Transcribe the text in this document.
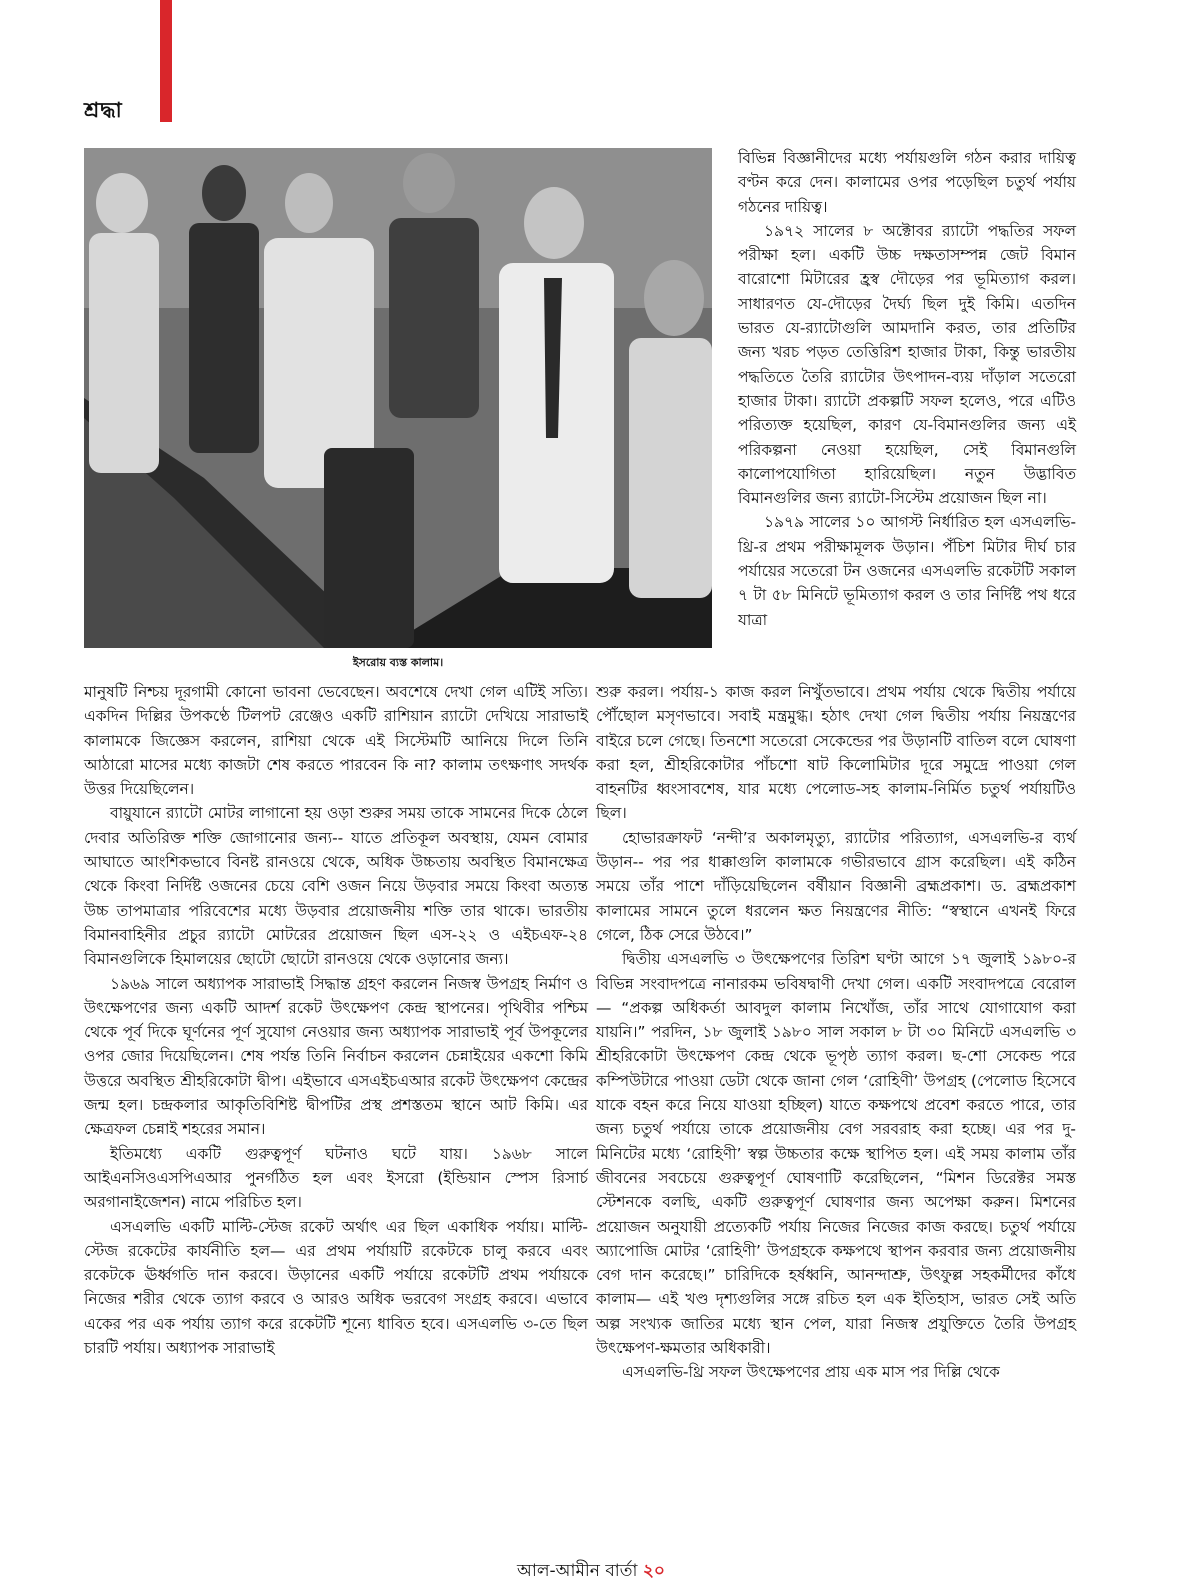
শ্রদ্ধা
ইসরোয় ব্যস্ত কালাম।

বিভিন্ন বিজ্ঞানীদের মধ্যে পর্যায়গুলি গঠন করার দায়িত্ব বণ্টন করে দেন। কালামের ওপর পড়েছিল চতুর্থ পর্যায় গঠনের দায়িত্ব।

১৯৭২ সালের ৮ অক্টোবর র‍্যাটো পদ্ধতির সফল পরীক্ষা হল। একটি উচ্চ দক্ষতাসম্পন্ন জেট বিমান বারোশো মিটারের হ্রস্ব দৌড়ের পর ভূমিত্যাগ করল। সাধারণত যে-দৌড়ের দৈর্ঘ্য ছিল দুই কিমি। এতদিন ভারত যে-র‍্যাটোগুলি আমদানি করত, তার প্রতিটির জন্য খরচ পড়ত তেত্তিরিশ হাজার টাকা, কিন্তু ভারতীয় পদ্ধতিতে তৈরি র‍্যাটোর উৎপাদন-ব্যয় দাঁড়াল সতেরো হাজার টাকা। র‍্যাটো প্রকল্পটি সফল হলেও, পরে এটিও পরিত্যক্ত হয়েছিল, কারণ যে-বিমানগুলির জন্য এই পরিকল্পনা নেওয়া হয়েছিল, সেই বিমানগুলি কালোপযোগিতা হারিয়েছিল। নতুন উদ্ভাবিত বিমানগুলির জন্য র‍্যাটো-সিস্টেম প্রয়োজন ছিল না।

১৯৭৯ সালের ১০ আগস্ট নির্ধারিত হল এসএলভি-থ্রি-র প্রথম পরীক্ষামূলক উড়ান। পঁচিশ মিটার দীর্ঘ চার পর্যায়ের সতেরো টন ওজনের এসএলভি রকেটটি সকাল ৭ টা ৫৮ মিনিটে ভূমিত্যাগ করল ও তার নির্দিষ্ট পথ ধরে যাত্রা

মানুষটি নিশ্চয় দূরগামী কোনো ভাবনা ভেবেছেন। অবশেষে দেখা গেল এটিই সত্যি। একদিন দিল্লির উপকণ্ঠে টিলপট রেঞ্জেও একটি রাশিয়ান র‍্যাটো দেখিয়ে সারাভাই কালামকে জিজ্ঞেস করলেন, রাশিয়া থেকে এই সিস্টেমটি আনিয়ে দিলে তিনি আঠারো মাসের মধ্যে কাজটা শেষ করতে পারবেন কি না? কালাম তৎক্ষণাৎ সদর্থক উত্তর দিয়েছিলেন।

বায়ুযানে র‍্যাটো মোটর লাগানো হয় ওড়া শুরুর সময় তাকে সামনের দিকে ঠেলে দেবার অতিরিক্ত শক্তি জোগানোর জন্য-- যাতে প্রতিকূল অবস্থায়, যেমন বোমার আঘাতে আংশিকভাবে বিনষ্ট রানওয়ে থেকে, অধিক উচ্চতায় অবস্থিত বিমানক্ষেত্র থেকে কিংবা নির্দিষ্ট ওজনের চেয়ে বেশি ওজন নিয়ে উড়বার সময়ে কিংবা অত্যন্ত উচ্চ তাপমাত্রার পরিবেশের মধ্যে উড়বার প্রয়োজনীয় শক্তি তার থাকে। ভারতীয় বিমানবাহিনীর প্রচুর র‍্যাটো মোটরের প্রয়োজন ছিল এস-২২ ও এইচএফ-২৪ বিমানগুলিকে হিমালয়ের ছোটো ছোটো রানওয়ে থেকে ওড়ানোর জন্য।

১৯৬৯ সালে অধ্যাপক সারাভাই সিদ্ধান্ত গ্রহণ করলেন নিজস্ব উপগ্রহ নির্মাণ ও উৎক্ষেপণের জন্য একটি আদর্শ রকেট উৎক্ষেপণ কেন্দ্র স্থাপনের। পৃথিবীর পশ্চিম থেকে পূর্ব দিকে ঘূর্ণনের পূর্ণ সুযোগ নেওয়ার জন্য অধ্যাপক সারাভাই পূর্ব উপকূলের ওপর জোর দিয়েছিলেন। শেষ পর্যন্ত তিনি নির্বাচন করলেন চেন্নাইয়ের একশো কিমি উত্তরে অবস্থিত শ্রীহরিকোটা দ্বীপ। এইভাবে এসএইচএআর রকেট উৎক্ষেপণ কেন্দ্রের জন্ম হল। চন্দ্রকলার আকৃতিবিশিষ্ট দ্বীপটির প্রস্থ প্রশস্ততম স্থানে আট কিমি। এর ক্ষেত্রফল চেন্নাই শহরের সমান।

ইতিমধ্যে একটি গুরুত্বপূর্ণ ঘটনাও ঘটে যায়। ১৯৬৮ সালে আইএনসিওএসপিএআর পুনর্গঠিত হল এবং ইসরো (ইন্ডিয়ান স্পেস রিসার্চ অরগানাইজেশন) নামে পরিচিত হল।

এসএলভি একটি মাল্টি-স্টেজ রকেট অর্থাৎ এর ছিল একাধিক পর্যায়। মাল্টি-স্টেজ রকেটের কার্যনীতি হল— এর প্রথম পর্যায়টি রকেটকে চালু করবে এবং রকেটকে ঊর্ধ্বগতি দান করবে। উড়ানের একটি পর্যায়ে রকেটটি প্রথম পর্যায়কে নিজের শরীর থেকে ত্যাগ করবে ও আরও অধিক ভরবেগ সংগ্রহ করবে। এভাবে একের পর এক পর্যায় ত্যাগ করে রকেটটি শূন্যে ধাবিত হবে। এসএলভি ৩-তে ছিল চারটি পর্যায়। অধ্যাপক সারাভাই

শুরু করল। পর্যায়-১ কাজ করল নিখুঁতভাবে। প্রথম পর্যায় থেকে দ্বিতীয় পর্যায়ে পৌঁছোল মসৃণভাবে। সবাই মন্ত্রমুগ্ধ। হঠাৎ দেখা গেল দ্বিতীয় পর্যায় নিয়ন্ত্রণের বাইরে চলে গেছে। তিনশো সতেরো সেকেন্ডের পর উড়ানটি বাতিল বলে ঘোষণা করা হল, শ্রীহরিকোটার পাঁচশো ষাট কিলোমিটার দূরে সমুদ্রে পাওয়া গেল বাহনটির ধ্বংসাবশেষ, যার মধ্যে পেলোড-সহ কালাম-নির্মিত চতুর্থ পর্যায়টিও ছিল।

হোভারক্রাফট ‘নন্দী’র অকালমৃত্যু, র‍্যাটোর পরিত্যাগ, এসএলভি-র ব্যর্থ উড়ান-- পর পর ধাক্কাগুলি কালামকে গভীরভাবে গ্রাস করেছিল। এই কঠিন সময়ে তাঁর পাশে দাঁড়িয়েছিলেন বর্ষীয়ান বিজ্ঞানী ব্রহ্মপ্রকাশ। ড. ব্রহ্মপ্রকাশ কালামের সামনে তুলে ধরলেন ক্ষত নিয়ন্ত্রণের নীতি: “স্বস্থানে এখনই ফিরে গেলে, ঠিক সেরে উঠবে।”

দ্বিতীয় এসএলভি ৩ উৎক্ষেপণের তিরিশ ঘণ্টা আগে ১৭ জুলাই ১৯৮০-র বিভিন্ন সংবাদপত্রে নানারকম ভবিষদ্বাণী দেখা গেল। একটি সংবাদপত্রে বেরোল— “প্রকল্প অধিকর্তা আবদুল কালাম নিখোঁজ, তাঁর সাথে যোগাযোগ করা যায়নি।” পরদিন, ১৮ জুলাই ১৯৮০ সাল সকাল ৮ টা ৩০ মিনিটে এসএলভি ৩ শ্রীহরিকোটা উৎক্ষেপণ কেন্দ্র থেকে ভূপৃষ্ঠ ত্যাগ করল। ছ-শো সেকেন্ড পরে কম্পিউটারে পাওয়া ডেটা থেকে জানা গেল ‘রোহিণী’ উপগ্রহ (পেলোড হিসেবে যাকে বহন করে নিয়ে যাওয়া হচ্ছিল) যাতে কক্ষপথে প্রবেশ করতে পারে, তার জন্য চতুর্থ পর্যায়ে তাকে প্রয়োজনীয় বেগ সরবরাহ করা হচ্ছে। এর পর দু-মিনিটের মধ্যে ‘রোহিণী’ স্বল্প উচ্চতার কক্ষে স্থাপিত হল। এই সময় কালাম তাঁর জীবনের সবচেয়ে গুরুত্বপূর্ণ ঘোষণাটি করেছিলেন, “মিশন ডিরেক্টর সমস্ত স্টেশনকে বলছি, একটি গুরুত্বপূর্ণ ঘোষণার জন্য অপেক্ষা করুন। মিশনের প্রয়োজন অনুযায়ী প্রত্যেকটি পর্যায় নিজের নিজের কাজ করছে। চতুর্থ পর্যায়ে অ্যাপোজি মোটর ‘রোহিণী’ উপগ্রহকে কক্ষপথে স্থাপন করবার জন্য প্রয়োজনীয় বেগ দান করেছে।” চারিদিকে হর্ষধ্বনি, আনন্দাশ্রু, উৎফুল্ল সহকর্মীদের কাঁধে কালাম— এই খণ্ড দৃশ্যগুলির সঙ্গে রচিত হল এক ইতিহাস, ভারত সেই অতি অল্প সংখ্যক জাতির মধ্যে স্থান পেল, যারা নিজস্ব প্রযুক্তিতে তৈরি উপগ্রহ উৎক্ষেপণ-ক্ষমতার অধিকারী।

এসএলভি-থ্রি সফল উৎক্ষেপণের প্রায় এক মাস পর দিল্লি থেকে

আল-আমীন বার্তা ২০
